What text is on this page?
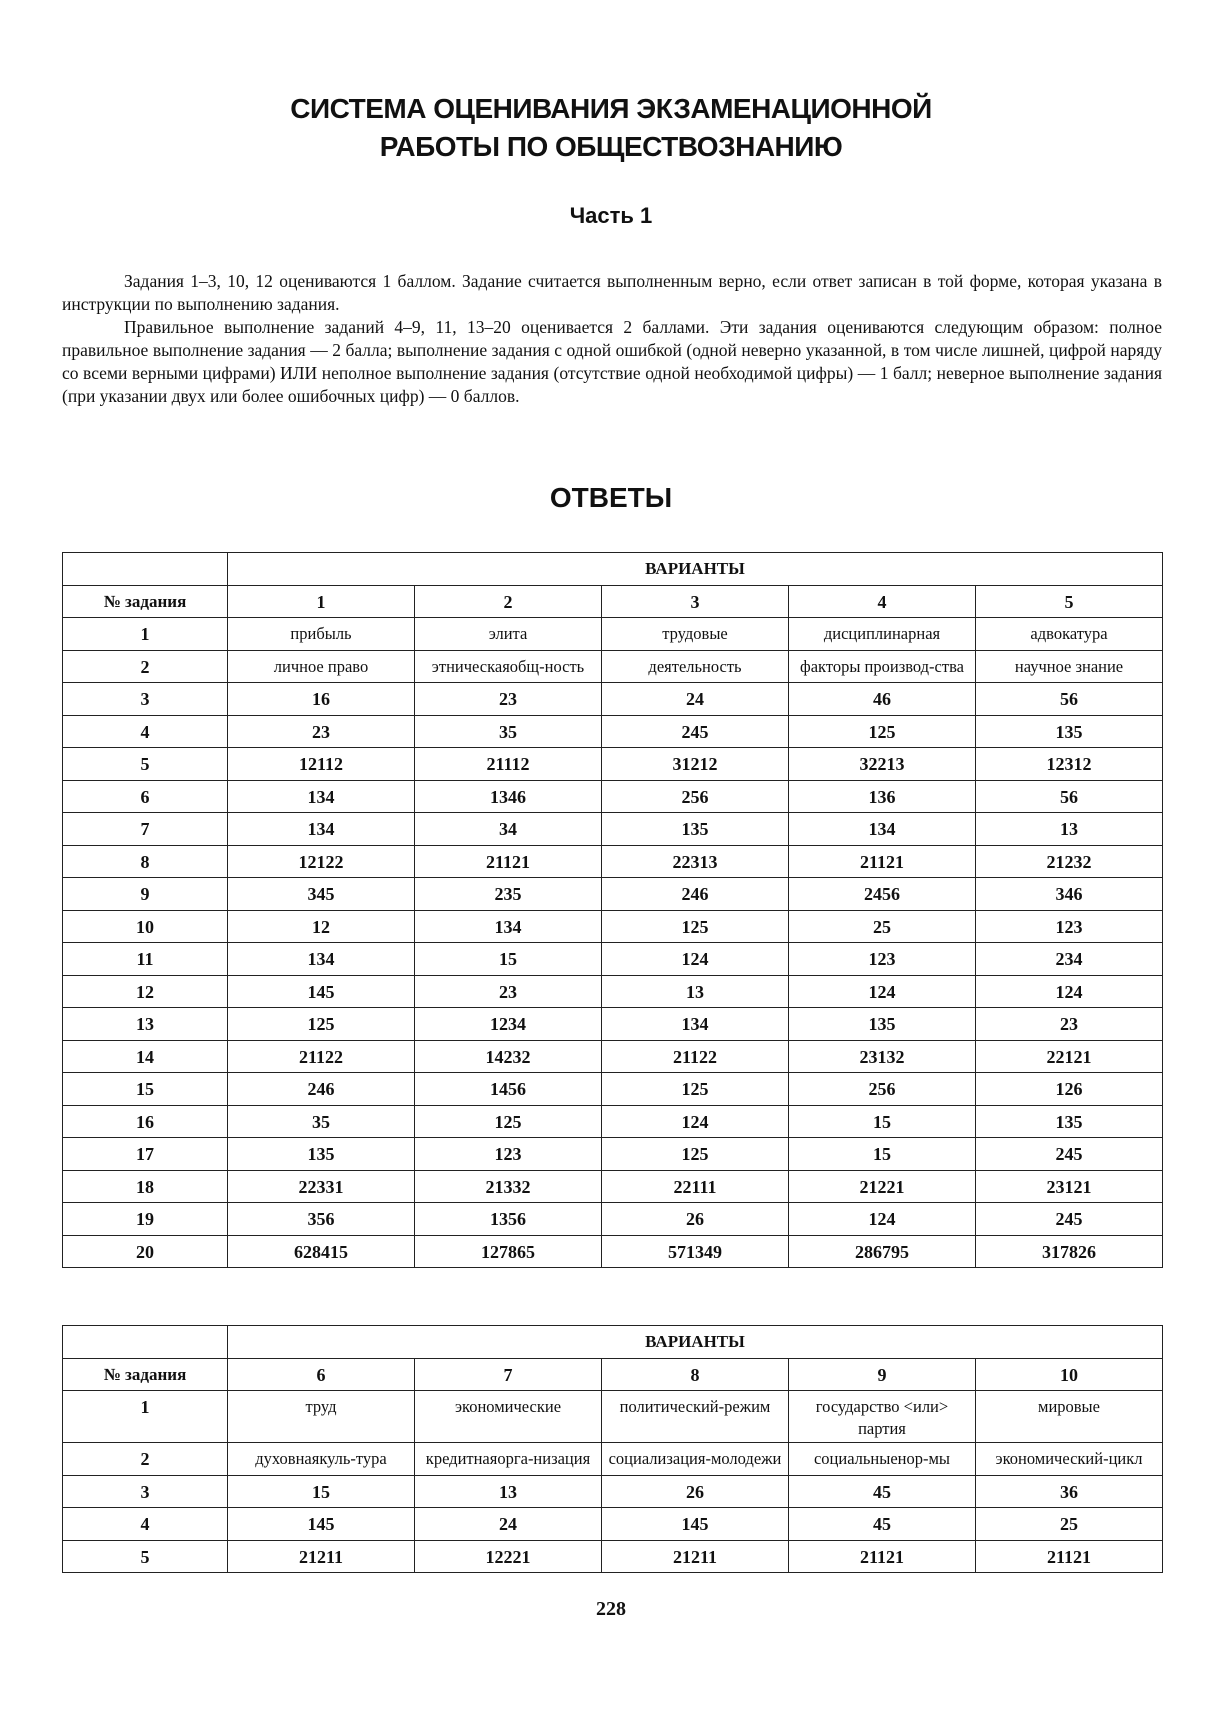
СИСТЕМА ОЦЕНИВАНИЯ ЭКЗАМЕНАЦИОННОЙ
РАБОТЫ ПО ОБЩЕСТВОЗНАНИЮ
Часть 1

Задания 1–3, 10, 12 оцениваются 1 баллом. Задание считается выполненным верно, если ответ записан в той форме, которая указана в инструкции по выполнению задания.

Правильное выполнение заданий 4–9, 11, 13–20 оценивается 2 баллами. Эти задания оцениваются следующим образом: полное правильное выполнение задания — 2 балла; выполнение задания с одной ошибкой (одной неверно указанной, в том числе лишней, цифрой наряду со всеми верными цифрами) ИЛИ неполное выполнение задания (отсутствие одной необходимой цифры) — 1 балл; неверное выполнение задания (при указании двух или более ошибочных цифр) — 0 баллов.

ОТВЕТЫ
	ВАРИАНТЫ				
№ задания	1	2	3	4	5
1	прибыль	элита	трудовые	дисциплинарная	адвокатура
2	личное право	этническаяобщ-ность	деятельность	факторы производ-ства	научное знание
3	16	23	24	46	56
4	23	35	245	125	135
5	12112	21112	31212	32213	12312
6	134	1346	256	136	56
7	134	34	135	134	13
8	12122	21121	22313	21121	21232
9	345	235	246	2456	346
10	12	134	125	25	123
11	134	15	124	123	234
12	145	23	13	124	124
13	125	1234	134	135	23
14	21122	14232	21122	23132	22121
15	246	1456	125	256	126
16	35	125	124	15	135
17	135	123	125	15	245
18	22331	21332	22111	21221	23121
19	356	1356	26	124	245
20	628415	127865	571349	286795	317826
	ВАРИАНТЫ				
№ задания	6	7	8	9	10
1	труд	экономические	политический-режим	государство <или> партия	мировые
2	духовнаякуль-тура	кредитнаяорга-низация	социализация-молодежи	социальныенор-мы	экономический-цикл
3	15	13	26	45	36
4	145	24	145	45	25
5	21211	12221	21211	21121	21121
228
